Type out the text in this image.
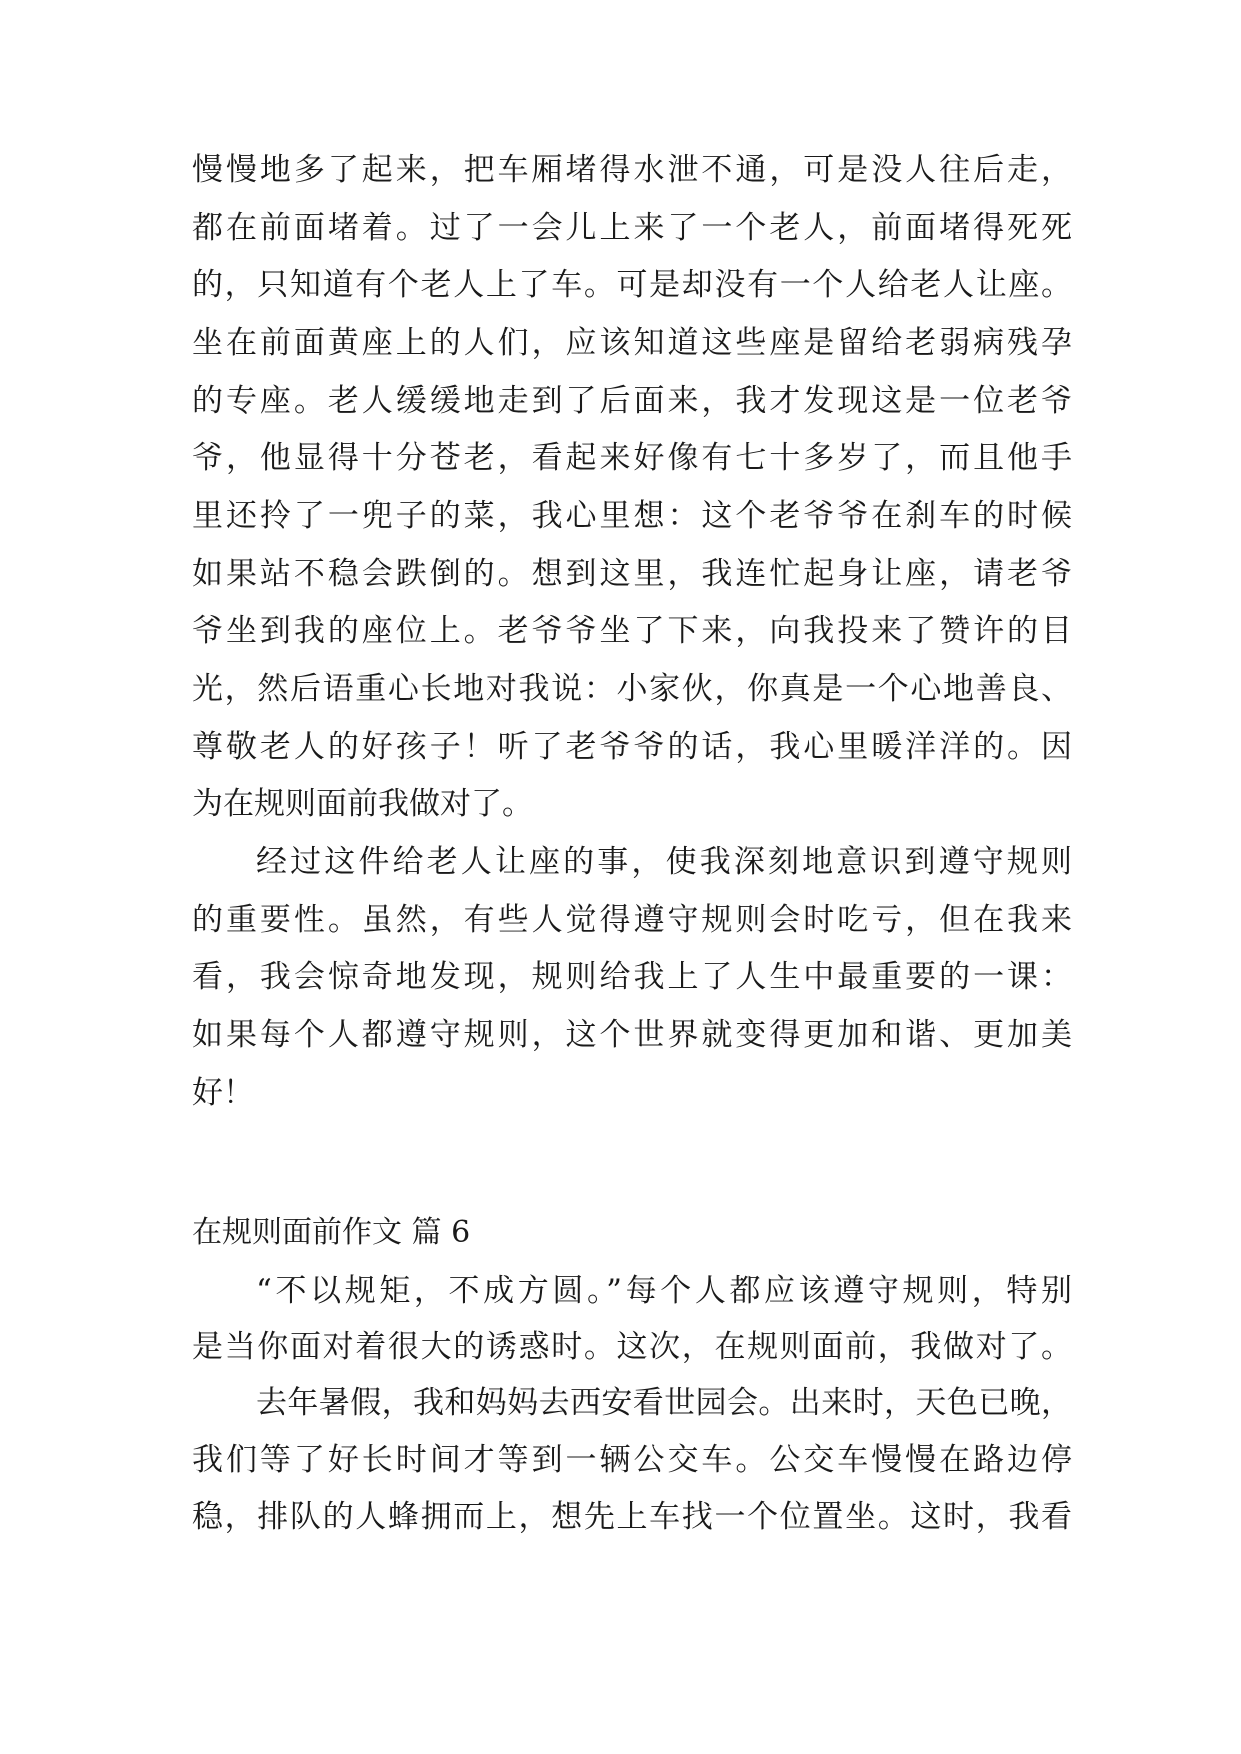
慢慢地多了起来，把车厢堵得水泄不通，可是没人往后走，
都在前面堵着。过了一会儿上来了一个老人，前面堵得死死
的，只知道有个老人上了车。可是却没有一个人给老人让座。
坐在前面黄座上的人们，应该知道这些座是留给老弱病残孕
的专座。老人缓缓地走到了后面来，我才发现这是一位老爷
爷，他显得十分苍老，看起来好像有七十多岁了，而且他手
里还拎了一兜子的菜，我心里想：这个老爷爷在刹车的时候
如果站不稳会跌倒的。想到这里，我连忙起身让座，请老爷
爷坐到我的座位上。老爷爷坐了下来，向我投来了赞许的目
光，然后语重心长地对我说：小家伙，你真是一个心地善良、
尊敬老人的好孩子！听了老爷爷的话，我心里暖洋洋的。因
为在规则面前我做对了。
经过这件给老人让座的事，使我深刻地意识到遵守规则
的重要性。虽然，有些人觉得遵守规则会时吃亏，但在我来
看，我会惊奇地发现，规则给我上了人生中最重要的一课：
如果每个人都遵守规则，这个世界就变得更加和谐、更加美
好！
在规则面前作文 篇 6
“不以规矩，不成方圆。”每个人都应该遵守规则，特别
是当你面对着很大的诱惑时。这次，在规则面前，我做对了。
去年暑假，我和妈妈去西安看世园会。出来时，天色已晚，
我们等了好长时间才等到一辆公交车。公交车慢慢在路边停
稳，排队的人蜂拥而上，想先上车找一个位置坐。这时，我看
